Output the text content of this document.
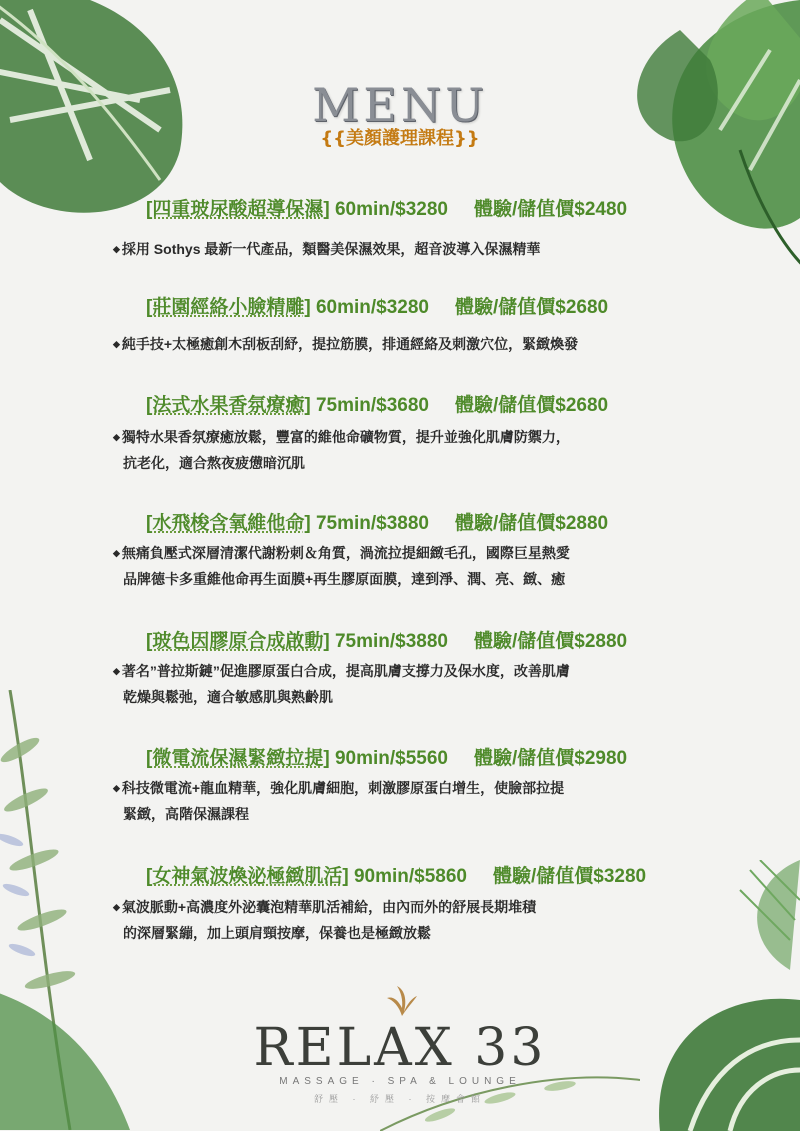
MENU
{{美顏護理課程}}
[四重玻尿酸超導保濕] 60min/$3280 體驗/儲值價$2480
◆ 採用 Sothys 最新一代產品，類醫美保濕效果，超音波導入保濕精華
[莊園經絡小臉精雕] 60min/$3280 體驗/儲值價$2680
◆ 純手技+太極癒創木刮板刮紓，提拉筋膜，排通經絡及刺激穴位，緊緻煥發
[法式水果香氛療癒] 75min/$3680 體驗/儲值價$2680
◆ 獨特水果香氛療癒放鬆，豐富的維他命礦物質，提升並強化肌膚防禦力，
抗老化，適合熬夜疲憊暗沉肌
[水飛梭含氧維他命] 75min/$3880 體驗/儲值價$2880
◆ 無痛負壓式深層清潔代謝粉刺＆角質，渦流拉提細緻毛孔，國際巨星熱愛
品牌德卡多重維他命再生面膜+再生膠原面膜，達到淨、潤、亮、緻、癒
[玻色因膠原合成啟動] 75min/$3880 體驗/儲值價$2880
◆ 著名”普拉斯鏈”促進膠原蛋白合成，提高肌膚支撐力及保水度，改善肌膚
乾燥與鬆弛，適合敏感肌與熟齡肌
[微電流保濕緊緻拉提] 90min/$5560 體驗/儲值價$2980
◆ 科技微電流+龍血精華，強化肌膚細胞，刺激膠原蛋白增生，使臉部拉提
緊緻，高階保濕課程
[女神氣波煥泌極緻肌活] 90min/$5860 體驗/儲值價$3280
◆ 氣波脈動+高濃度外泌囊泡精華肌活補給，由內而外的舒展長期堆積
的深層緊繃，加上頭肩頸按摩，保養也是極緻放鬆
RELAX 33
MASSAGE · SPA & LOUNGE
舒壓 · 紓壓 · 按摩會館
